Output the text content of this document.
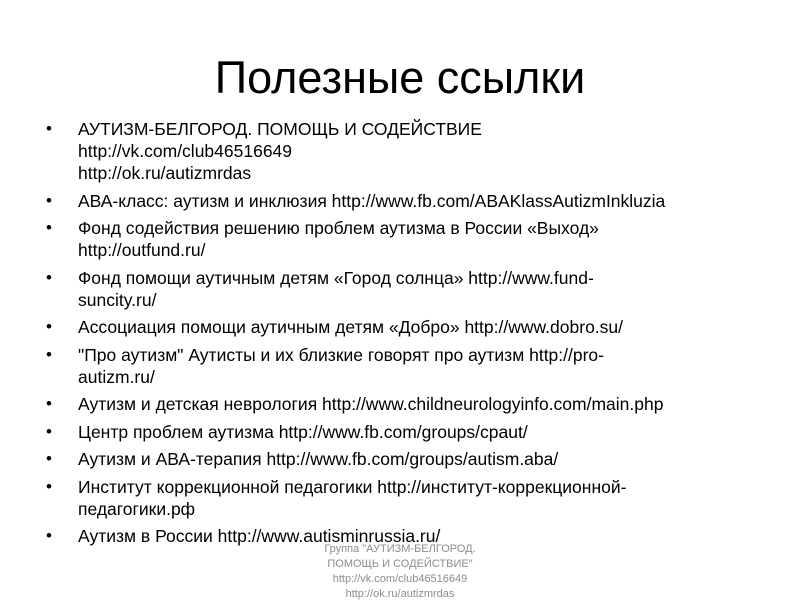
Полезные ссылки
• АУТИЗМ-БЕЛГОРОД. ПОМОЩЬ И СОДЕЙСТВИЕ
http://vk.com/club46516649
http://ok.ru/autizmrdas
• АВА-класс: аутизм и инклюзия http://www.fb.com/ABAKlassAutizmInkluzia
• Фонд содействия решению проблем аутизма в России «Выход»
http://outfund.ru/
• Фонд помощи аутичным детям «Город солнца» http://www.fund-
suncity.ru/
• Ассоциация помощи аутичным детям «Добро» http://www.dobro.su/
• "Про аутизм" Аутисты и их близкие говорят про аутизм http://pro-
autizm.ru/
• Аутизм и детская неврология http://www.childneurologyinfo.com/main.php
• Центр проблем аутизма http://www.fb.com/groups/cpaut/
• Аутизм и АВА-терапия http://www.fb.com/groups/autism.aba/
• Институт коррекционной педагогики http://институт-коррекционной-
педагогики.рф
• Аутизм в России http://www.autisminrussia.ru/
Группа "АУТИЗМ-БЕЛГОРОД.
ПОМОЩЬ И СОДЕЙСТВИЕ"
http://vk.com/club46516649
http://ok.ru/autizmrdas
